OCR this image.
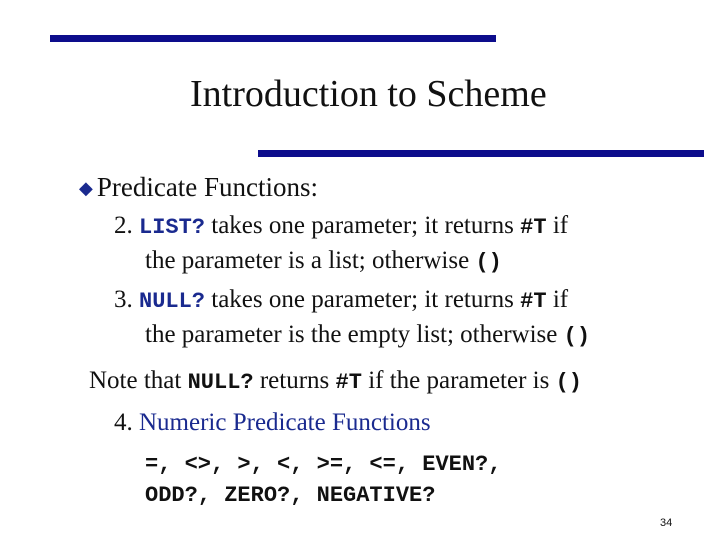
Introduction to Scheme
◆ Predicate Functions:
2. LIST? takes one parameter; it returns #T if
the parameter is a list; otherwise ()
3. NULL? takes one parameter; it returns #T if
the parameter is the empty list; otherwise ()
Note that NULL? returns #T if the parameter is ()
4. Numeric Predicate Functions
=, <>, >, <, >=, <=, EVEN?,
ODD?, ZERO?, NEGATIVE?
34
